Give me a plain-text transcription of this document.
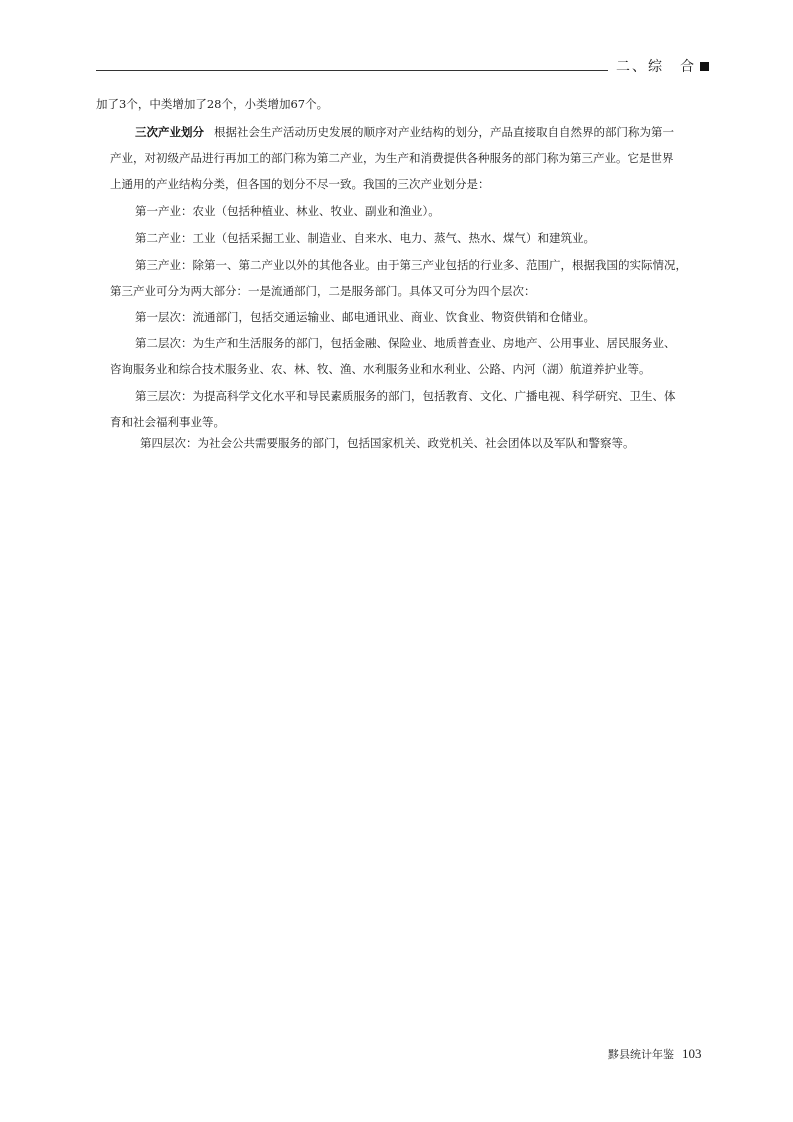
二、综　合
加了3个，中类增加了28个，小类增加67个。
三次产业划分 根据社会生产活动历史发展的顺序对产业结构的划分，产品直接取自自然界的部门称为第一
产业，对初级产品进行再加工的部门称为第二产业，为生产和消费提供各种服务的部门称为第三产业。它是世界
上通用的产业结构分类，但各国的划分不尽一致。我国的三次产业划分是：
第一产业：农业（包括种植业、林业、牧业、副业和渔业）。
第二产业：工业（包括采掘工业、制造业、自来水、电力、蒸气、热水、煤气）和建筑业。
第三产业：除第一、第二产业以外的其他各业。由于第三产业包括的行业多、范围广，根据我国的实际情况，
第三产业可分为两大部分：一是流通部门，二是服务部门。具体又可分为四个层次：
第一层次：流通部门，包括交通运输业、邮电通讯业、商业、饮食业、物资供销和仓储业。
第二层次：为生产和生活服务的部门，包括金融、保险业、地质普查业、房地产、公用事业、居民服务业、
咨询服务业和综合技术服务业、农、林、牧、渔、水利服务业和水利业、公路、内河（湖）航道养护业等。
第三层次：为提高科学文化水平和导民素质服务的部门，包括教育、文化、广播电视、科学研究、卫生、体
育和社会福利事业等。
第四层次：为社会公共需要服务的部门，包括国家机关、政党机关、社会团体以及军队和警察等。
黟县统计年鉴 103
